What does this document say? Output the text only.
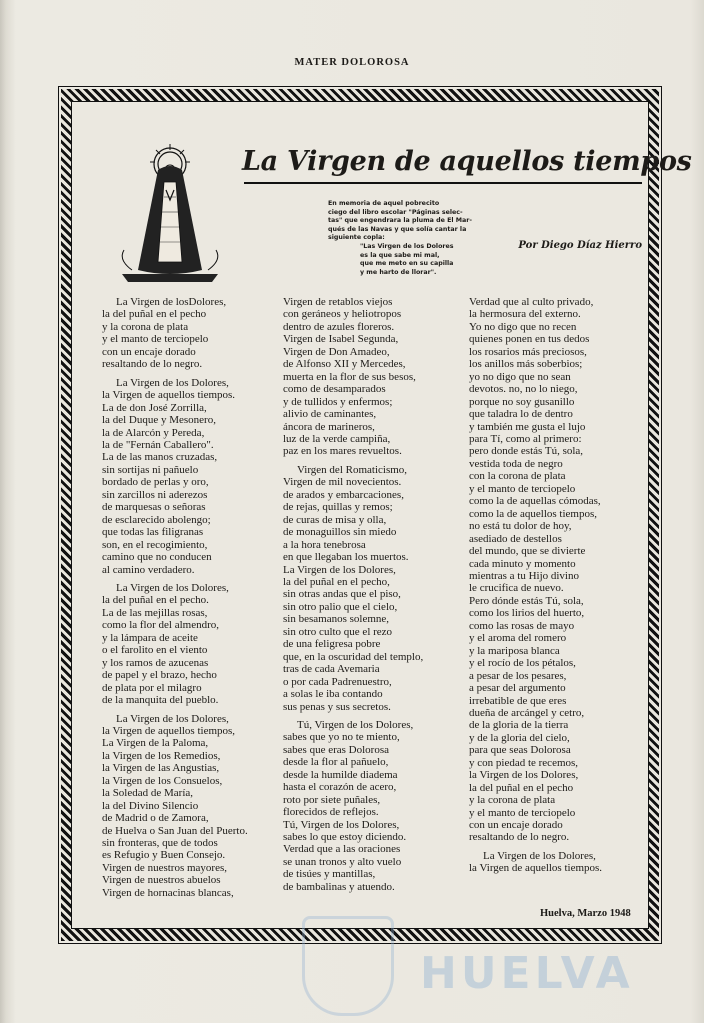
MATER DOLOROSA
La Virgen de aquellos tiempos
En memoria de aquel pobrecito
ciego del libro escolar "Páginas selec-
tas" que engendrara la pluma de El Mar-
qués de las Navas y que solía cantar la
siguiente copla:
"Las Virgen de los Dolores
es la que sabe mi mal,
que me meto en su capilla
y me harto de llorar".
Por Diego Díaz Hierro
La Virgen de losDolores,
la del puñal en el pecho
y la corona de plata
y el manto de terciopelo
con un encaje dorado
resaltando de lo negro.
La Virgen de los Dolores,
la Virgen de aquellos tiempos.
La de don José Zorrilla,
la del Duque y Mesonero,
la de Alarcón y Pereda,
la de "Fernán Caballero".
La de las manos cruzadas,
sin sortijas ni pañuelo
bordado de perlas y oro,
sin zarcillos ni aderezos
de marquesas o señoras
de esclarecido abolengo;
que todas las filigranas
son, en el recogimiento,
camino que no conducen
al camino verdadero.
La Virgen de los Dolores,
la del puñal en el pecho.
La de las mejillas rosas,
como la flor del almendro,
y la lámpara de aceite
o el farolito en el viento
y los ramos de azucenas
de papel y el brazo, hecho
de plata por el milagro
de la manquita del pueblo.
La Virgen de los Dolores,
la Virgen de aquellos tiempos,
La Virgen de la Paloma,
la Virgen de los Remedios,
la Virgen de las Angustias,
la Virgen de los Consuelos,
la Soledad de María,
la del Divino Silencio
de Madrid o de Zamora,
de Huelva o San Juan del Puerto.
sin fronteras, que de todos
es Refugio y Buen Consejo.
Virgen de nuestros mayores,
Virgen de nuestros abuelos
Virgen de hornacinas blancas,
Virgen de retablos viejos
con geráneos y heliotropos
dentro de azules floreros.
Virgen de Isabel Segunda,
Virgen de Don Amadeo,
de Alfonso XII y Mercedes,
muerta en la flor de sus besos,
como de desamparados
y de tullidos y enfermos;
alivio de caminantes,
áncora de marineros,
luz de la verde campiña,
paz en los mares revueltos.
Virgen del Romaticismo,
Virgen de mil novecientos.
de arados y embarcaciones,
de rejas, quillas y remos;
de curas de misa y olla,
de monaguillos sin miedo
a la hora tenebrosa
en que llegaban los muertos.
La Virgen de los Dolores,
la del puñal en el pecho,
sin otras andas que el piso,
sin otro palio que el cielo,
sin besamanos solemne,
sin otro culto que el rezo
de una feligresa pobre
que, en la oscuridad del templo,
tras de cada Avemaria
o por cada Padrenuestro,
a solas le iba contando
sus penas y sus secretos.
Tú, Virgen de los Dolores,
sabes que yo no te miento,
sabes que eras Dolorosa
desde la flor al pañuelo,
desde la humilde diadema
hasta el corazón de acero,
roto por siete puñales,
florecidos de reflejos.
Tú, Virgen de los Dolores,
sabes lo que estoy diciendo.
Verdad que a las oraciones
se unan tronos y alto vuelo
de tisúes y mantillas,
de bambalinas y atuendo.
Verdad que al culto privado,
la hermosura del externo.
Yo no digo que no recen
quienes ponen en tus dedos
los rosarios más preciosos,
los anillos más soberbios;
yo no digo que no sean
devotos. no, no lo niego,
porque no soy gusanillo
que taladra lo de dentro
y también me gusta el lujo
para Tí, como al primero:
pero donde estás Tú, sola,
vestida toda de negro
con la corona de plata
y el manto de terciopelo
como la de aquellas cómodas,
como la de aquellos tiempos,
no está tu dolor de hoy,
asediado de destellos
del mundo, que se divierte
cada minuto y momento
mientras a tu Hijo divino
le crucifica de nuevo.
Pero dónde estás Tú, sola,
como los lirios del huerto,
como las rosas de mayo
y el aroma del romero
y la mariposa blanca
y el rocío de los pétalos,
a pesar de los pesares,
a pesar del argumento
irrebatible de que eres
dueña de arcángel y cetro,
de la gloria de la tierra
y de la gloria del cielo,
para que seas Dolorosa
y con piedad te recemos,
la Virgen de los Dolores,
la del puñal en el pecho
y la corona de plata
y el manto de terciopelo
con un encaje dorado
resaltando de lo negro.
La Virgen de los Dolores,
la Virgen de aquellos tiempos.
Huelva, Marzo 1948
HUELVA
